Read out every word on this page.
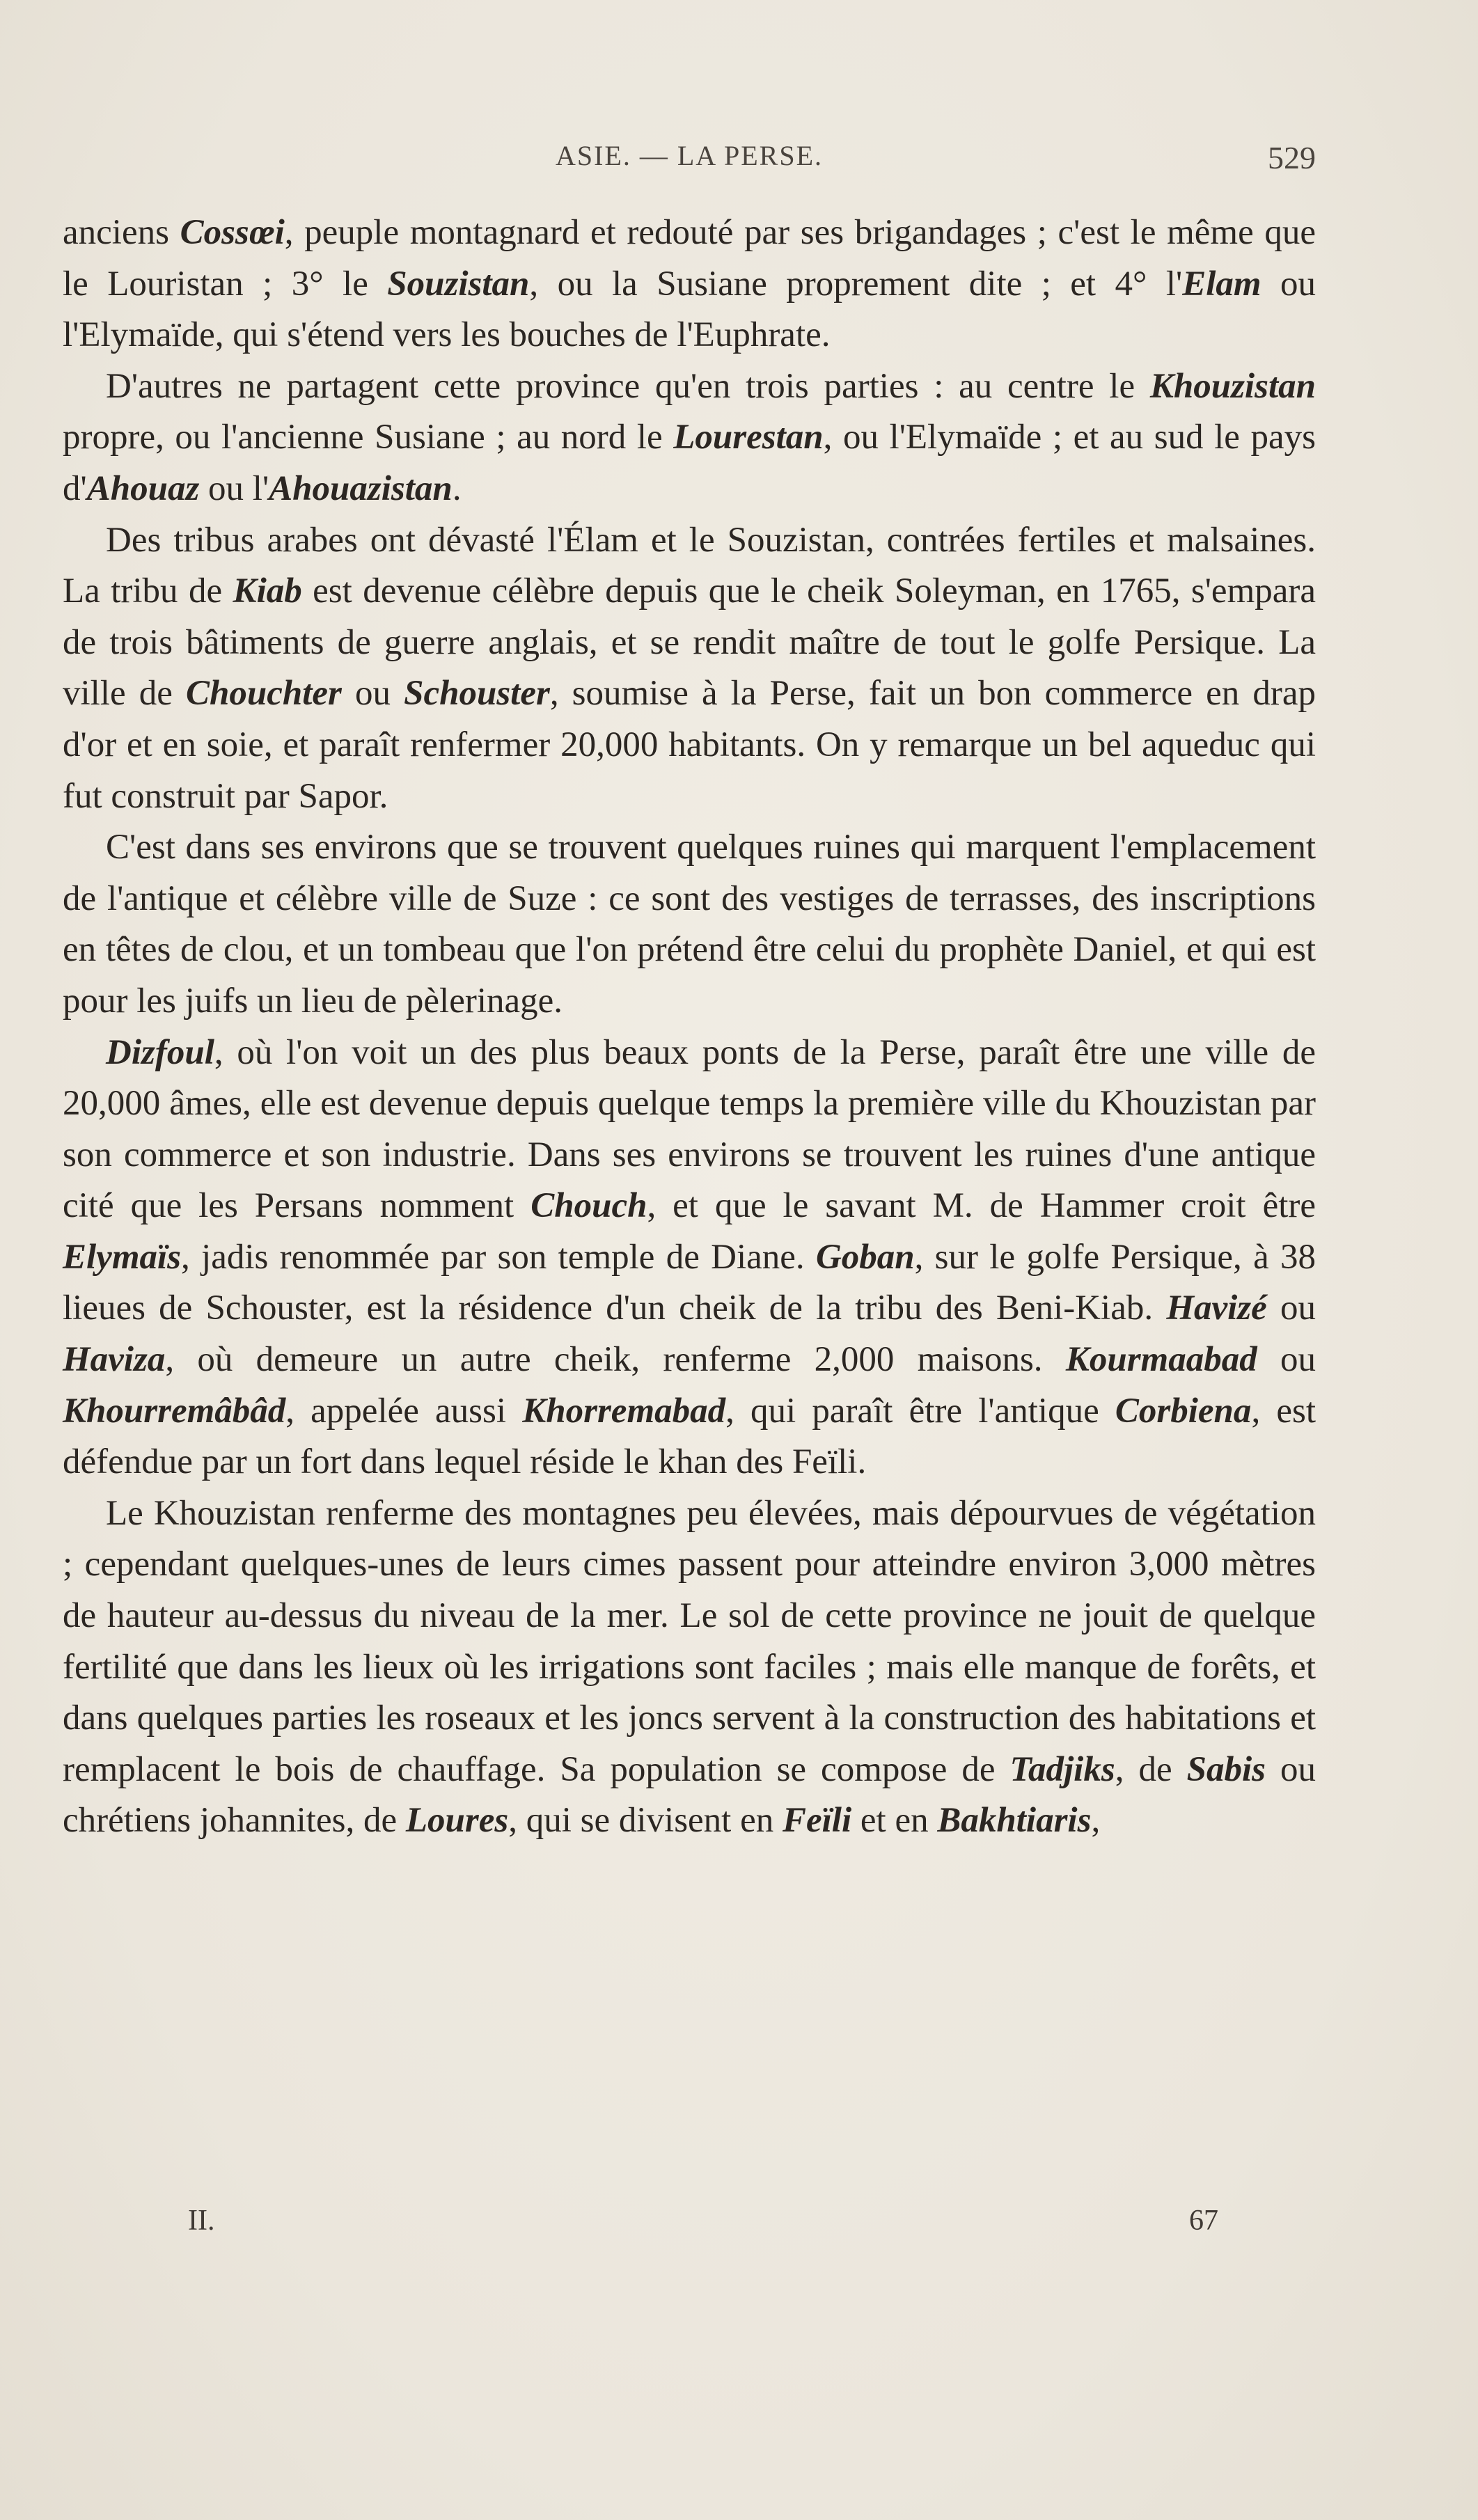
ASIE. — LA PERSE.	529

anciens Cossœi, peuple montagnard et redouté par ses brigandages ; c'est le même que le Louristan ; 3° le Souzistan, ou la Susiane proprement dite ; et 4° l'Elam ou l'Elymaïde, qui s'étend vers les bouches de l'Euphrate.

D'autres ne partagent cette province qu'en trois parties : au centre le Khouzistan propre, ou l'ancienne Susiane ; au nord le Lourestan, ou l'Elymaïde ; et au sud le pays d'Ahouaz ou l'Ahouazistan.

Des tribus arabes ont dévasté l'Élam et le Souzistan, contrées fertiles et malsaines. La tribu de Kiab est devenue célèbre depuis que le cheik Soleyman, en 1765, s'empara de trois bâtiments de guerre anglais, et se rendit maître de tout le golfe Persique. La ville de Chouchter ou Schouster, soumise à la Perse, fait un bon commerce en drap d'or et en soie, et paraît renfermer 20,000 habitants. On y remarque un bel aqueduc qui fut construit par Sapor.

C'est dans ses environs que se trouvent quelques ruines qui marquent l'emplacement de l'antique et célèbre ville de Suze : ce sont des vestiges de terrasses, des inscriptions en têtes de clou, et un tombeau que l'on prétend être celui du prophète Daniel, et qui est pour les juifs un lieu de pèlerinage.

Dizfoul, où l'on voit un des plus beaux ponts de la Perse, paraît être une ville de 20,000 âmes, elle est devenue depuis quelque temps la première ville du Khouzistan par son commerce et son industrie. Dans ses environs se trouvent les ruines d'une antique cité que les Persans nomment Chouch, et que le savant M. de Hammer croit être Elymaïs, jadis renommée par son temple de Diane. Goban, sur le golfe Persique, à 38 lieues de Schouster, est la résidence d'un cheik de la tribu des Beni-Kiab. Havizé ou Haviza, où demeure un autre cheik, renferme 2,000 maisons. Kourmaabad ou Khourremâbâd, appelée aussi Khorremabad, qui paraît être l'antique Corbiena, est défendue par un fort dans lequel réside le khan des Feïli.

Le Khouzistan renferme des montagnes peu élevées, mais dépourvues de végétation ; cependant quelques-unes de leurs cimes passent pour atteindre environ 3,000 mètres de hauteur au-dessus du niveau de la mer. Le sol de cette province ne jouit de quelque fertilité que dans les lieux où les irrigations sont faciles ; mais elle manque de forêts, et dans quelques parties les roseaux et les joncs servent à la construction des habitations et remplacent le bois de chauffage. Sa population se compose de Tadjiks, de Sabis ou chrétiens johannites, de Loures, qui se divisent en Feïli et en Bakhtiaris,

II.	67
